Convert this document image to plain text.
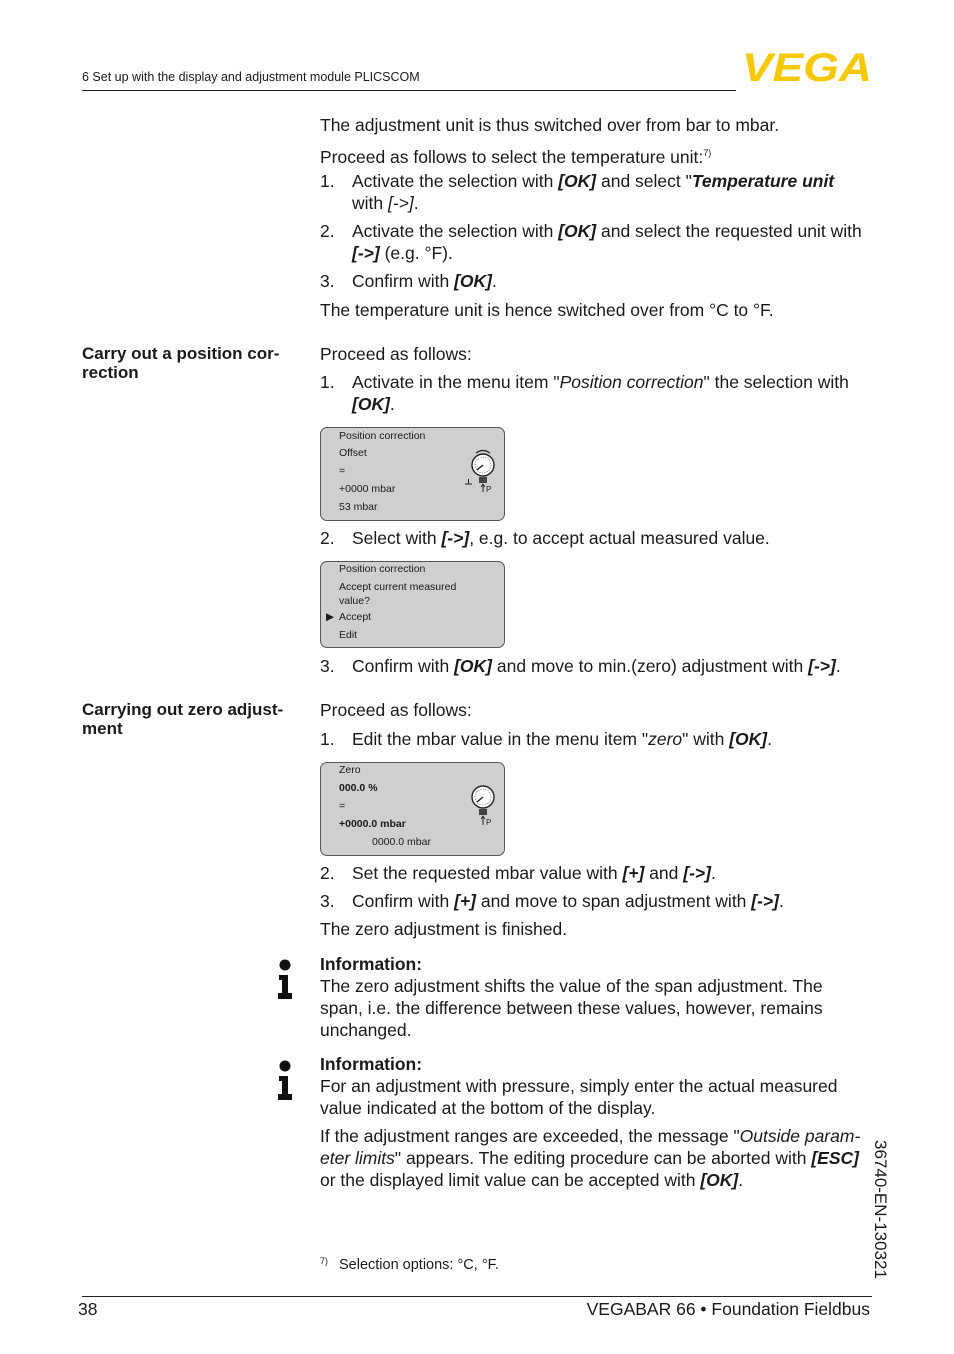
6 Set up with the display and adjustment module PLICSCOM	VEGA
The adjustment unit is thus switched over from bar to mbar.
Proceed as follows to select the temperature unit:$^{7)}$
1. Activate the selection with [OK] and select "Temperature unit
with [->].
2. Activate the selection with [OK] and select the requested unit with
[->] (e.g. °F).
3. Confirm with [OK].
The temperature unit is hence switched over from °C to °F.
Carry out a position cor-
rection
Proceed as follows:
1. Activate in the menu item "Position correction" the selection with
[OK].
Position correction
Offset
=
+0000 mbar
53 mbar
P
2. Select with [->], e.g. to accept actual measured value.
Position correction
Accept current measured
value?
▶ Accept
Edit
3. Confirm with [OK] and move to min.(zero) adjustment with [->].
Carrying out zero adjust-
ment
Proceed as follows:
1. Edit the mbar value in the menu item "zero" with [OK].
Zero
000.0 %
=
+0000.0 mbar
0000.0 mbar
P
2. Set the requested mbar value with [+] and [->].
3. Confirm with [+] and move to span adjustment with [->].
The zero adjustment is finished.
Information:
The zero adjustment shifts the value of the span adjustment. The
span, i.e. the difference between these values, however, remains
unchanged.
Information:
For an adjustment with pressure, simply enter the actual measured
value indicated at the bottom of the display.
If the adjustment ranges are exceeded, the message "Outside param-
eter limits" appears. The editing procedure can be aborted with [ESC]
or the displayed limit value can be accepted with [OK].
7) Selection options: °C, °F.
38	VEGABAR 66 • Foundation Fieldbus
36740-EN-130321
